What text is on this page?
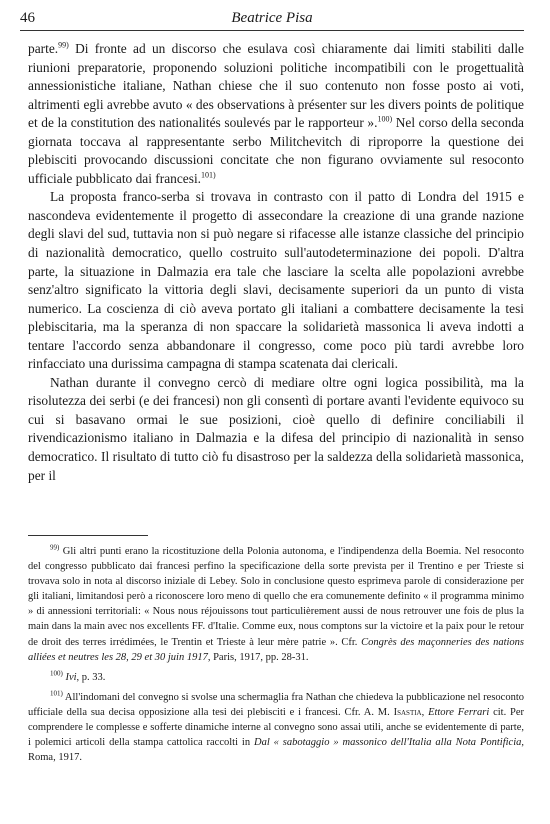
46	Beatrice Pisa

parte.$^{99)}$ Di fronte ad un discorso che esulava così chiaramente dai limiti stabiliti dalle riunioni preparatorie, proponendo soluzioni politiche incompatibili con le progettualità annessionistiche italiane, Nathan chiese che il suo contenuto non fosse posto ai voti, altrimenti egli avrebbe avuto « des observations à présenter sur les divers points de politique et de la constitution des nationalités soulevés par le rapporteur ».$^{100)}$ Nel corso della seconda giornata toccava al rappresentante serbo Militchevitch di riproporre la questione dei plebisciti provocando discussioni concitate che non figurano ovviamente sul resoconto ufficiale pubblicato dai francesi.$^{101)}$

La proposta franco-serba si trovava in contrasto con il patto di Londra del 1915 e nascondeva evidentemente il progetto di assecondare la creazione di una grande nazione degli slavi del sud, tuttavia non si può negare si rifacesse alle istanze classiche del principio di nazionalità democratico, quello costruito sull'autodeterminazione dei popoli. D'altra parte, la situazione in Dalmazia era tale che lasciare la scelta alle popolazioni avrebbe senz'altro significato la vittoria degli slavi, decisamente superiori da un punto di vista numerico. La coscienza di ciò aveva portato gli italiani a combattere decisamente la tesi plebiscitaria, ma la speranza di non spaccare la solidarietà massonica li aveva indotti a tentare l'accordo senza abbandonare il congresso, come poco più tardi avrebbe loro rinfacciato una durissima campagna di stampa scatenata dai clericali.

Nathan durante il convegno cercò di mediare oltre ogni logica possibilità, ma la risolutezza dei serbi (e dei francesi) non gli consentì di portare avanti l'evidente equivoco su cui si basavano ormai le sue posizioni, cioè quello di definire conciliabili il rivendicazionismo italiano in Dalmazia e la difesa del principio di nazionalità in senso democratico. Il risultato di tutto ciò fu disastroso per la saldezza della solidarietà massonica, per il

$^{99)}$ Gli altri punti erano la ricostituzione della Polonia autonoma, e l'indipendenza della Boemia. Nel resoconto del congresso pubblicato dai francesi perfino la specificazione della sorte prevista per il Trentino e per Trieste si trovava solo in nota al discorso iniziale di Lebey. Solo in conclusione questo esprimeva parole di considerazione per gli italiani, limitandosi però a riconoscere loro meno di quello che era comunemente definito « il programma minimo » di annessioni territoriali: « Nous nous réjouissons tout particulièrement aussi de nous retrouver une fois de plus la main dans la main avec nos excellents FF. d'Italie. Comme eux, nous comptons sur la victoire et la paix pour le retour de droit des terres irrédimées, le Trentin et Trieste à leur mère patrie ». Cfr. Congrès des maçonneries des nations alliées et neutres les 28, 29 et 30 juin 1917, Paris, 1917, pp. 28-31.

$^{100)}$ Ivi, p. 33.

$^{101)}$ All'indomani del convegno si svolse una schermaglia fra Nathan che chiedeva la pubblicazione nel resoconto ufficiale della sua decisa opposizione alla tesi dei plebisciti e i francesi. Cfr. A. M. Isastia, Ettore Ferrari cit. Per comprendere le complesse e sofferte dinamiche interne al convegno sono assai utili, anche se evidentemente di parte, i polemici articoli della stampa cattolica raccolti in Dal « sabotaggio » massonico dell'Italia alla Nota Pontificia, Roma, 1917.
